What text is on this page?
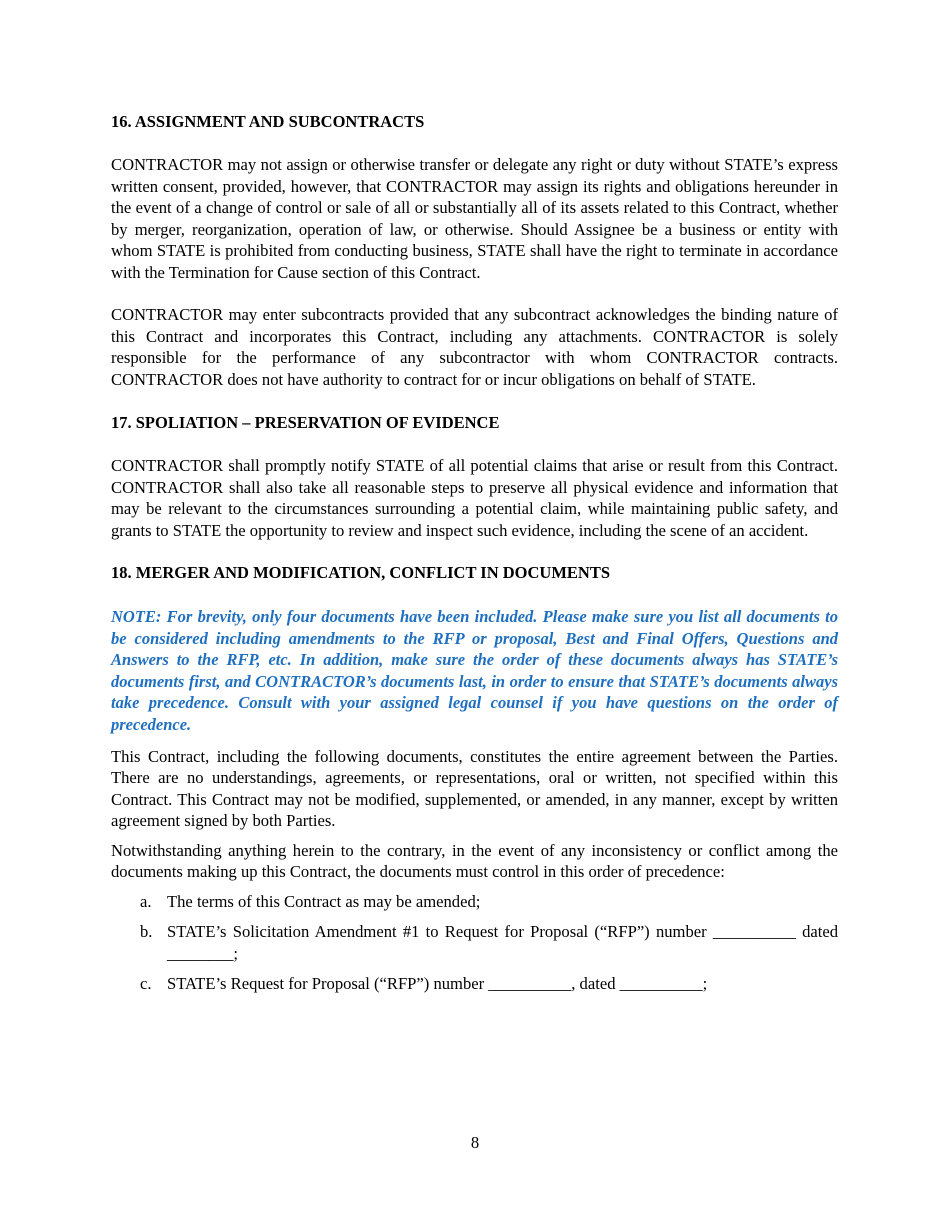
16. ASSIGNMENT AND SUBCONTRACTS

CONTRACTOR may not assign or otherwise transfer or delegate any right or duty without STATE’s express written consent, provided, however, that CONTRACTOR may assign its rights and obligations hereunder in the event of a change of control or sale of all or substantially all of its assets related to this Contract, whether by merger, reorganization, operation of law, or otherwise. Should Assignee be a business or entity with whom STATE is prohibited from conducting business, STATE shall have the right to terminate in accordance with the Termination for Cause section of this Contract.

CONTRACTOR may enter subcontracts provided that any subcontract acknowledges the binding nature of this Contract and incorporates this Contract, including any attachments. CONTRACTOR is solely responsible for the performance of any subcontractor with whom CONTRACTOR contracts. CONTRACTOR does not have authority to contract for or incur obligations on behalf of STATE.

17. SPOLIATION – PRESERVATION OF EVIDENCE

CONTRACTOR shall promptly notify STATE of all potential claims that arise or result from this Contract. CONTRACTOR shall also take all reasonable steps to preserve all physical evidence and information that may be relevant to the circumstances surrounding a potential claim, while maintaining public safety, and grants to STATE the opportunity to review and inspect such evidence, including the scene of an accident.

18. MERGER AND MODIFICATION, CONFLICT IN DOCUMENTS

NOTE: For brevity, only four documents have been included. Please make sure you list all documents to be considered including amendments to the RFP or proposal, Best and Final Offers, Questions and Answers to the RFP, etc. In addition, make sure the order of these documents always has STATE’s documents first, and CONTRACTOR’s documents last, in order to ensure that STATE’s documents always take precedence. Consult with your assigned legal counsel if you have questions on the order of precedence.

This Contract, including the following documents, constitutes the entire agreement between the Parties. There are no understandings, agreements, or representations, oral or written, not specified within this Contract. This Contract may not be modified, supplemented, or amended, in any manner, except by written agreement signed by both Parties.

Notwithstanding anything herein to the contrary, in the event of any inconsistency or conflict among the documents making up this Contract, the documents must control in this order of precedence:

a. The terms of this Contract as may be amended;
b. STATE’s Solicitation Amendment #1 to Request for Proposal (“RFP”) number __________ dated ________;
c. STATE’s Request for Proposal (“RFP”) number __________, dated __________;
8
